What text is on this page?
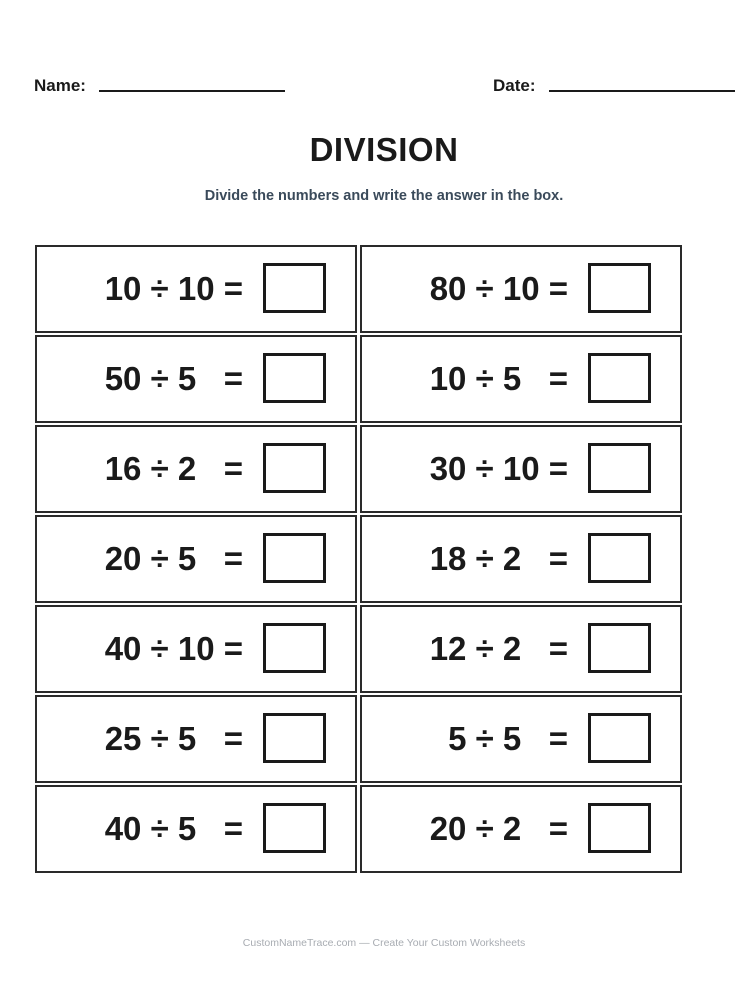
Name:	Date:
DIVISION
Divide the numbers and write the answer in the box.
10 ÷ 10 =	80 ÷ 10 =
50 ÷ 5   =	10 ÷ 5   =
16 ÷ 2   =	30 ÷ 10 =
20 ÷ 5   =	18 ÷ 2   =
40 ÷ 10 =	12 ÷ 2   =
25 ÷ 5   =	5 ÷ 5   =
40 ÷ 5   =	20 ÷ 2   =
CustomNameTrace.com — Create Your Custom Worksheets
